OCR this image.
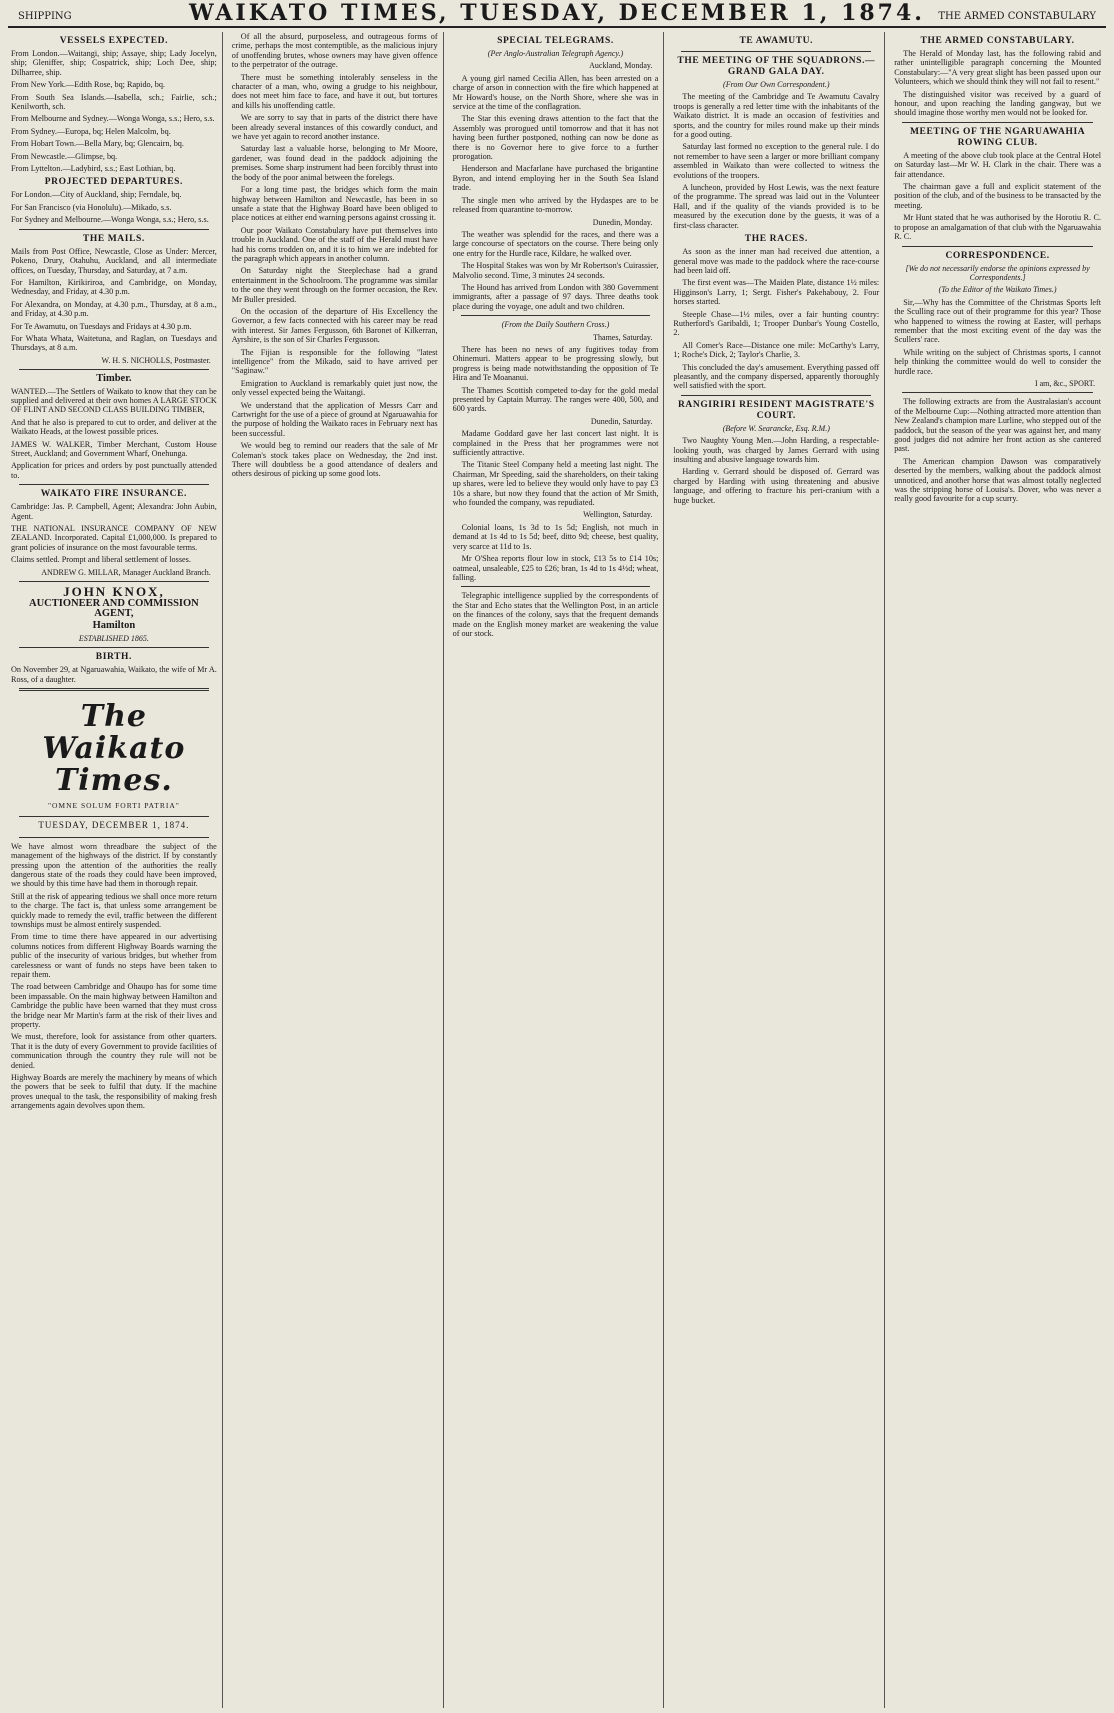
SHIPPING	WAIKATO TIMES, TUESDAY, DECEMBER 1, 1874. THE ARMED CONSTABULARY
VESSELS EXPECTED.

From London.—Waitangi, ship; Assaye, ship; Lady Jocelyn, ship; Gleniffer, ship; Cospatrick, ship; Loch Dee, ship; Dilharree, ship.

From New York.—Edith Rose, bq; Rapido, bq.

From South Sea Islands.—Isabella, sch.; Fairlie, sch.; Kenilworth, sch.

From Melbourne and Sydney.—Wonga Wonga, s.s.; Hero, s.s.

From Sydney.—Europa, bq; Helen Malcolm, bq.

From Hobart Town.—Bella Mary, bq; Glencairn, bq.

From Newcastle.—Glimpse, bq.

From Lyttelton.—Ladybird, s.s.; East Lothian, bq.

PROJECTED DEPARTURES.

For London.—City of Auckland, ship; Ferndale, bq.

For San Francisco (via Honolulu).—Mikado, s.s.

For Sydney and Melbourne.—Wonga Wonga, s.s.; Hero, s.s.

THE MAILS.

Mails from Post Office, Newcastle, Close as Under: Mercer, Pokeno, Drury, Otahuhu, Auckland, and all intermediate offices, on Tuesday, Thursday, and Saturday, at 7 a.m.

For Hamilton, Kirikiriroa, and Cambridge, on Monday, Wednesday, and Friday, at 4.30 p.m.

For Alexandra, on Monday, at 4.30 p.m., Thursday, at 8 a.m., and Friday, at 4.30 p.m.

For Te Awamutu, on Tuesdays and Fridays at 4.30 p.m.

For Whata Whata, Waitetuna, and Raglan, on Tuesdays and Thursdays, at 8 a.m.

W. H. S. NICHOLLS, Postmaster.
Timber.

WANTED.—The Settlers of Waikato to know that they can be supplied and delivered at their own homes A LARGE STOCK OF FLINT AND SECOND CLASS BUILDING TIMBER,

And that he also is prepared to cut to order, and deliver at the Waikato Heads, at the lowest possible prices.

JAMES W. WALKER, Timber Merchant, Custom House Street, Auckland; and Government Wharf, Onehunga.

Application for prices and orders by post punctually attended to.

WAIKATO FIRE INSURANCE.

Cambridge: Jas. P. Campbell, Agent; Alexandra: John Aubin, Agent.

THE NATIONAL INSURANCE COMPANY OF NEW ZEALAND. Incorporated. Capital £1,000,000. Is prepared to grant policies of insurance on the most favourable terms.

Claims settled. Prompt and liberal settlement of losses.

ANDREW G. MILLAR, Manager Auckland Branch.
JOHN KNOX,
AUCTIONEER AND COMMISSION AGENT,
Hamilton
ESTABLISHED 1865.
BIRTH.

On November 29, at Ngaruawahia, Waikato, the wife of Mr A. Ross, of a daughter.

The Waikato Times.
"OMNE SOLUM FORTI PATRIA"
TUESDAY, DECEMBER 1, 1874.

We have almost worn threadbare the subject of the management of the highways of the district. If by constantly pressing upon the attention of the authorities the really dangerous state of the roads they could have been improved, we should by this time have had them in thorough repair.

Still at the risk of appearing tedious we shall once more return to the charge. The fact is, that unless some arrangement be quickly made to remedy the evil, traffic between the different townships must be almost entirely suspended.

From time to time there have appeared in our advertising columns notices from different Highway Boards warning the public of the insecurity of various bridges, but whether from carelessness or want of funds no steps have been taken to repair them.

The road between Cambridge and Ohaupo has for some time been impassable. On the main highway between Hamilton and Cambridge the public have been warned that they must cross the bridge near Mr Martin's farm at the risk of their lives and property.

We must, therefore, look for assistance from other quarters. That it is the duty of every Government to provide facilities of communication through the country they rule will not be denied.

Highway Boards are merely the machinery by means of which the powers that be seek to fulfil that duty. If the machine proves unequal to the task, the responsibility of making fresh arrangements again devolves upon them.

Of all the absurd, purposeless, and outrageous forms of crime, perhaps the most contemptible, as the malicious injury of unoffending brutes, whose owners may have given offence to the perpetrator of the outrage.

There must be something intolerably senseless in the character of a man, who, owing a grudge to his neighbour, does not meet him face to face, and have it out, but tortures and kills his unoffending cattle.

We are sorry to say that in parts of the district there have been already several instances of this cowardly conduct, and we have yet again to record another instance.

Saturday last a valuable horse, belonging to Mr Moore, gardener, was found dead in the paddock adjoining the premises. Some sharp instrument had been forcibly thrust into the body of the poor animal between the forelegs.

For a long time past, the bridges which form the main highway between Hamilton and Newcastle, has been in so unsafe a state that the Highway Board have been obliged to place notices at either end warning persons against crossing it.

Our poor Waikato Constabulary have put themselves into trouble in Auckland. One of the staff of the Herald must have had his corns trodden on, and it is to him we are indebted for the paragraph which appears in another column.

On Saturday night the Steeplechase had a grand entertainment in the Schoolroom. The programme was similar to the one they went through on the former occasion, the Rev. Mr Buller presided.

On the occasion of the departure of His Excellency the Governor, a few facts connected with his career may be read with interest. Sir James Fergusson, 6th Baronet of Kilkerran, Ayrshire, is the son of Sir Charles Fergusson.

The Fijian is responsible for the following "latest intelligence" from the Mikado, said to have arrived per "Saginaw."

Emigration to Auckland is remarkably quiet just now, the only vessel expected being the Waitangi.

We understand that the application of Messrs Carr and Cartwright for the use of a piece of ground at Ngaruawahia for the purpose of holding the Waikato races in February next has been successful.

We would beg to remind our readers that the sale of Mr Coleman's stock takes place on Wednesday, the 2nd inst. There will doubtless be a good attendance of dealers and others desirous of picking up some good lots.

SPECIAL TELEGRAMS.
(Per Anglo-Australian Telegraph Agency.)
Auckland, Monday.

A young girl named Cecilia Allen, has been arrested on a charge of arson in connection with the fire which happened at Mr Howard's house, on the North Shore, where she was in service at the time of the conflagration.

The Star this evening draws attention to the fact that the Assembly was prorogued until tomorrow and that it has not having been further postponed, nothing can now be done as there is no Governor here to give force to a further prorogation.

Henderson and Macfarlane have purchased the brigantine Byron, and intend employing her in the South Sea Island trade.

The single men who arrived by the Hydaspes are to be released from quarantine to-morrow.

Dunedin, Monday.

The weather was splendid for the races, and there was a large concourse of spectators on the course. There being only one entry for the Hurdle race, Kildare, he walked over.

The Hospital Stakes was won by Mr Robertson's Cuirassier, Malvolio second. Time, 3 minutes 24 seconds.

The Hound has arrived from London with 380 Government immigrants, after a passage of 97 days. Three deaths took place during the voyage, one adult and two children.

(From the Daily Southern Cross.)
Thames, Saturday.

There has been no news of any fugitives today from Ohinemuri. Matters appear to be progressing slowly, but progress is being made notwithstanding the opposition of Te Hira and Te Moananui.

The Thames Scottish competed to-day for the gold medal presented by Captain Murray. The ranges were 400, 500, and 600 yards.

Dunedin, Saturday.

Madame Goddard gave her last concert last night. It is complained in the Press that her programmes were not sufficiently attractive.

The Titanic Steel Company held a meeting last night. The Chairman, Mr Speeding, said the shareholders, on their taking up shares, were led to believe they would only have to pay £3 10s a share, but now they found that the action of Mr Smith, who founded the company, was repudiated.

Wellington, Saturday.

Colonial loans, 1s 3d to 1s 5d; English, not much in demand at 1s 4d to 1s 5d; beef, ditto 9d; cheese, best quality, very scarce at 11d to 1s.

Mr O'Shea reports flour low in stock, £13 5s to £14 10s; oatmeal, unsaleable, £25 to £26; bran, 1s 4d to 1s 4½d; wheat, falling.

Telegraphic intelligence supplied by the correspondents of the Star and Echo states that the Wellington Post, in an article on the finances of the colony, says that the frequent demands made on the English money market are weakening the value of our stock.

TE AWAMUTU.
THE MEETING OF THE SQUADRONS.—GRAND GALA DAY.
(From Our Own Correspondent.)

The meeting of the Cambridge and Te Awamutu Cavalry troops is generally a red letter time with the inhabitants of the Waikato district. It is made an occasion of festivities and sports, and the country for miles round make up their minds for a good outing.

Saturday last formed no exception to the general rule. I do not remember to have seen a larger or more brilliant company assembled in Waikato than were collected to witness the evolutions of the troopers.

A luncheon, provided by Host Lewis, was the next feature of the programme. The spread was laid out in the Volunteer Hall, and if the quality of the viands provided is to be measured by the execution done by the guests, it was of a first-class character.

THE RACES.

As soon as the inner man had received due attention, a general move was made to the paddock where the race-course had been laid off.

The first event was—The Maiden Plate, distance 1½ miles: Higginson's Larry, 1; Sergt. Fisher's Pakehabouy, 2. Four horses started.

Steeple Chase—1½ miles, over a fair hunting country: Rutherford's Garibaldi, 1; Trooper Dunbar's Young Costello, 2.

All Comer's Race—Distance one mile: McCarthy's Larry, 1; Roche's Dick, 2; Taylor's Charlie, 3.

This concluded the day's amusement. Everything passed off pleasantly, and the company dispersed, apparently thoroughly well satisfied with the sport.

RANGIRIRI RESIDENT MAGISTRATE'S COURT.
(Before W. Searancke, Esq. R.M.)

Two Naughty Young Men.—John Harding, a respectable-looking youth, was charged by James Gerrard with using insulting and abusive language towards him.

Harding v. Gerrard should be disposed of. Gerrard was charged by Harding with using threatening and abusive language, and offering to fracture his peri-cranium with a huge bucket.

THE ARMED CONSTABULARY.

The Herald of Monday last, has the following rabid and rather unintelligible paragraph concerning the Mounted Constabulary:—"A very great slight has been passed upon our Volunteers, which we should think they will not fail to resent."

The distinguished visitor was received by a guard of honour, and upon reaching the landing gangway, but we should imagine those worthy men would not be looked for.

MEETING OF THE NGARUAWAHIA ROWING CLUB.

A meeting of the above club took place at the Central Hotel on Saturday last—Mr W. H. Clark in the chair. There was a fair attendance.

The chairman gave a full and explicit statement of the position of the club, and of the business to be transacted by the meeting.

Mr Hunt stated that he was authorised by the Horotiu R. C. to propose an amalgamation of that club with the Ngaruawahia R. C.

CORRESPONDENCE.
[We do not necessarily endorse the opinions expressed by Correspondents.]
(To the Editor of the Waikato Times.)

Sir,—Why has the Committee of the Christmas Sports left the Sculling race out of their programme for this year? Those who happened to witness the rowing at Easter, will perhaps remember that the most exciting event of the day was the Scullers' race.

While writing on the subject of Christmas sports, I cannot help thinking the committee would do well to consider the hurdle race.

I am, &c., SPORT.

The following extracts are from the Australasian's account of the Melbourne Cup:—Nothing attracted more attention than New Zealand's champion mare Lurline, who stepped out of the paddock, but the season of the year was against her, and many good judges did not admire her front action as she cantered past.

The American champion Dawson was comparatively deserted by the members, walking about the paddock almost unnoticed, and another horse that was almost totally neglected was the stripping horse of Louisa's. Dover, who was never a really good favourite for a cup scurry.
